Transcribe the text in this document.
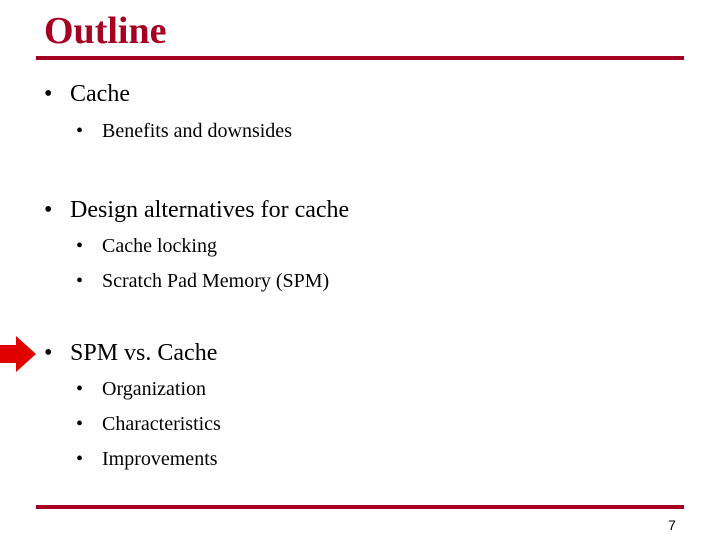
Outline
• Cache
• Benefits and downsides
• Design alternatives for cache
• Cache locking
• Scratch Pad Memory (SPM)
• SPM vs. Cache
• Organization
• Characteristics
• Improvements
7
